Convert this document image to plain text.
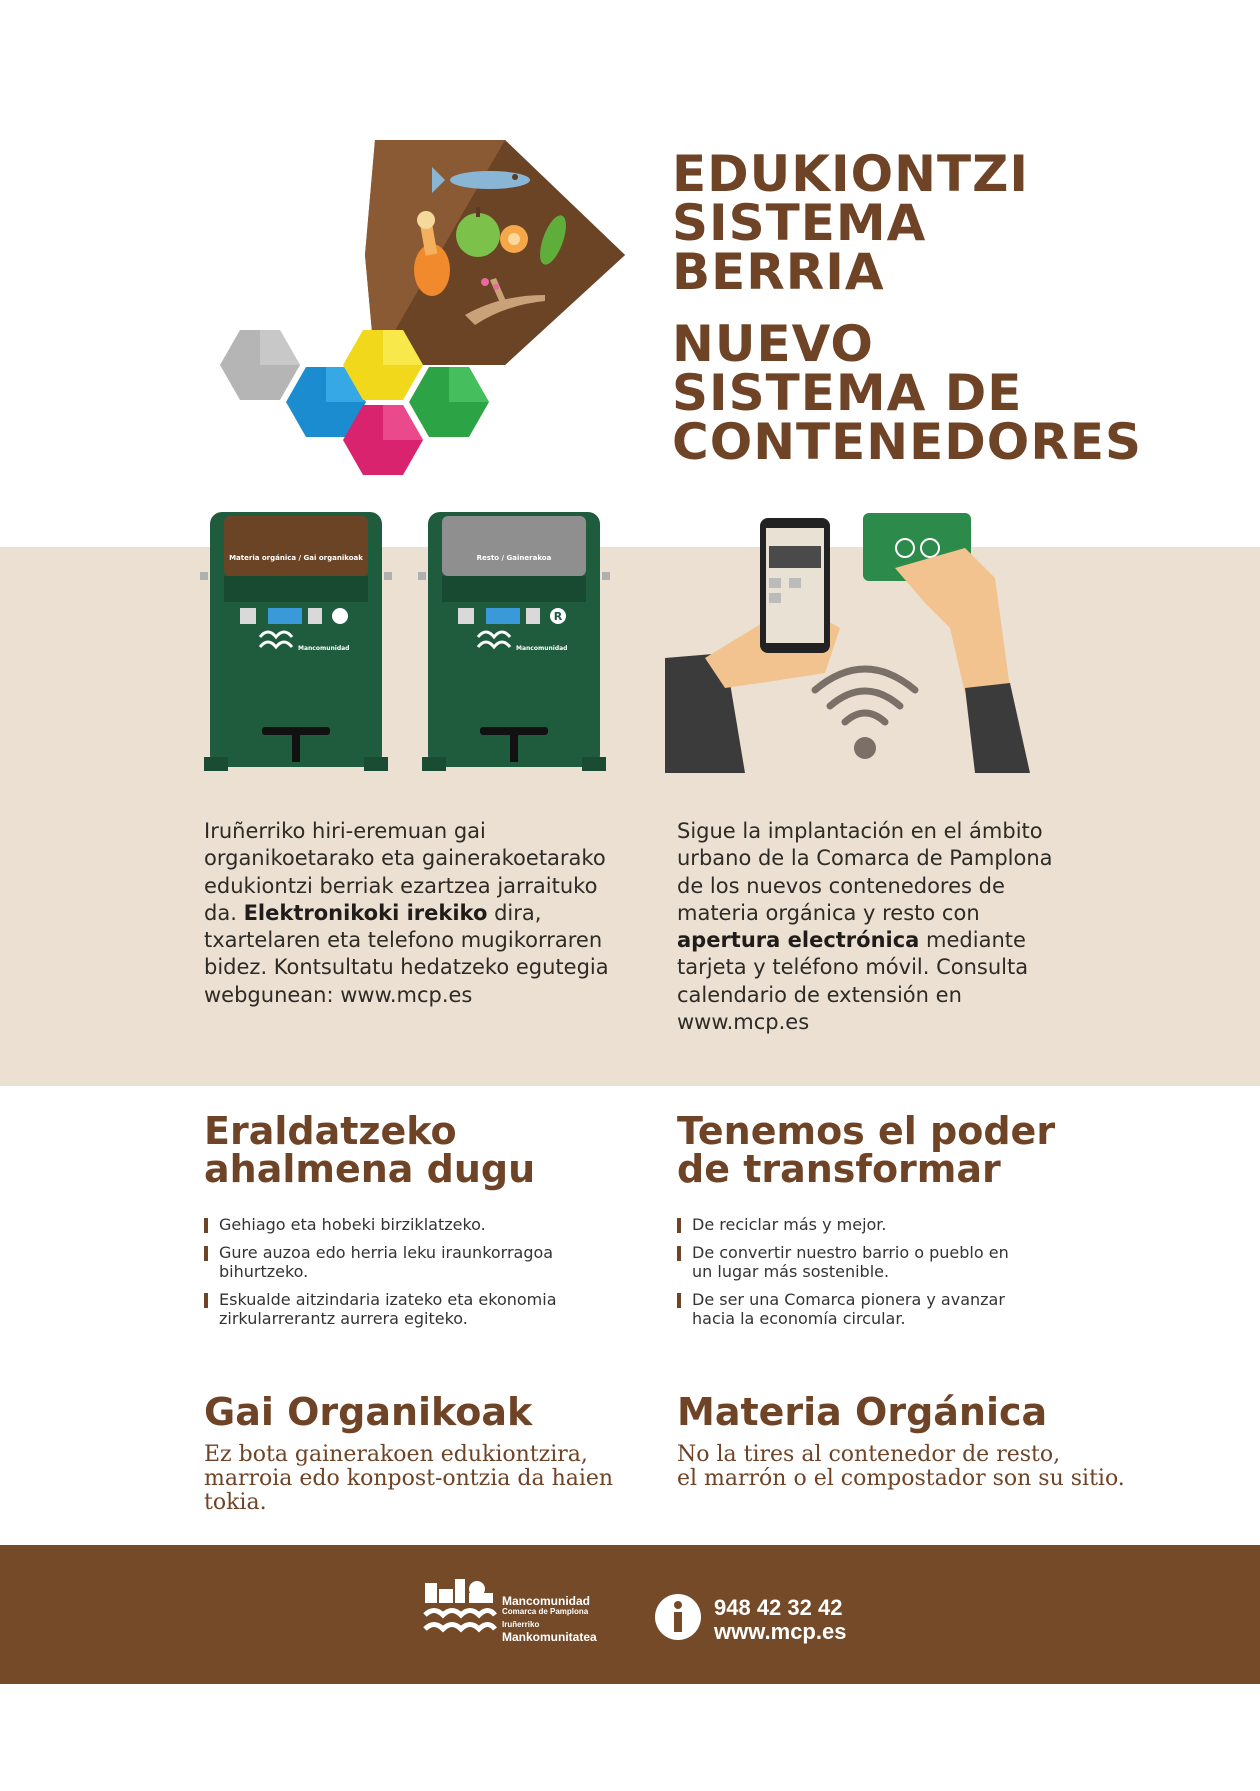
EDUKIONTZI
SISTEMA
BERRIA
NUEVO
SISTEMA DE
CONTENEDORES
Materia orgánica / Gai organikoak
Mancomunidad
Resto / Gainerakoa
R
Mancomunidad
Iruñerriko hiri-eremuan gai organikoetarako eta gainerakoetarako edukiontzi berriak ezartzea jarraituko da. Elektronikoki irekiko dira, txartelaren eta telefono mugikorraren bidez. Kontsultatu hedatzeko egutegia webgunean: www.mcp.es
Sigue la implantación en el ámbito urbano de la Comarca de Pamplona de los nuevos contenedores de materia orgánica y resto con apertura electrónica mediante tarjeta y teléfono móvil. Consulta calendario de extensión en www.mcp.es
Eraldatzeko
ahalmena dugu
Tenemos el poder
de transformar
Gehiago eta hobeki birziklatzeko.
Gure auzoa edo herria leku iraunkorragoa bihurtzeko.
Eskualde aitzindaria izateko eta ekonomia zirkularrerantz aurrera egiteko.
De reciclar más y mejor.
De convertir nuestro barrio o pueblo en un lugar más sostenible.
De ser una Comarca pionera y avanzar hacia la economía circular.
Gai Organikoak	Materia Orgánica
Ez bota gainerakoen edukiontzira,
marroia edo konpost-ontzia da haien tokia.
No la tires al contenedor de resto,
el marrón o el compostador son su sitio.
Mancomunidad
Comarca de Pamplona
Iruñerriko
Mankomunitatea
948 42 32 42
www.mcp.es
